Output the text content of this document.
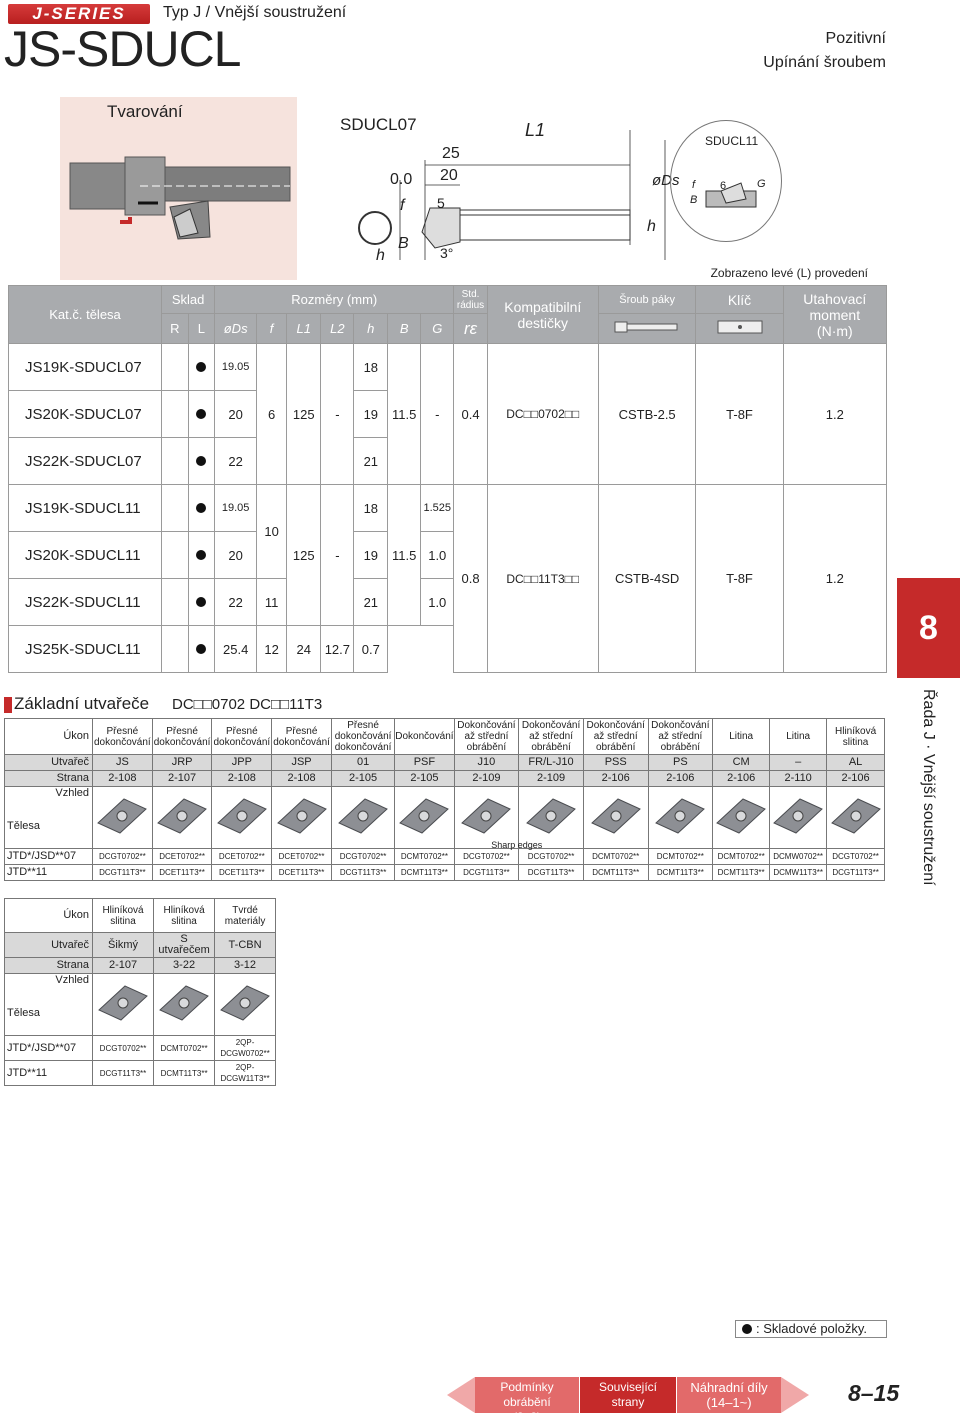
J-SERIES	Typ J / Vnější soustružení
JS-SDUCL	Pozitivní
Upínání šroubem
Tvarování
SDUCL07	L1
25
20
0.0
5
3°
h
B
f
h
øDs
SDUCL11
B
f 6	G
Zobrazeno levé (L) provedení
Kat.č. tělesa	Sklad		Rozměry (mm)							Std. rádius	Kompatibilní destičky	Šroub páky	Klíč	Utahovací moment
(N·m)
	R	L	øDs	f	L1	L2	h	B	G	rε		
JS19K-SDUCL07			19.05	6	125	-	18	11.5	-	0.4	DC□□0702□□	CSTB-2.5	T-8F	1.2
JS20K-SDUCL07			20				19							
JS22K-SDUCL07			22				21							
JS19K-SDUCL11			19.05	10	125	-	18	11.5	1.525	0.8	DC□□11T3□□	CSTB-4SD	T-8F	1.2
JS20K-SDUCL11			20				19		1.0					
JS22K-SDUCL11			22	11			21		1.0					
JS25K-SDUCL11			25.4	12	24	12.7	0.7							
8
Řada J · Vnější soustružení
Základní utvařeče DC□□0702 DC□□11T3
Úkon	Přesné dokončování	Přesné dokončování	Přesné dokončování	Přesné dokončování	Přesné dokončování dokončování	Dokončování	Dokončování až střední obrábění	Dokončování až střední obrábění	Dokončování až střední obrábění	Dokončování až střední obrábění	Litina	Litina	Hliníková slitina
Utvařeč	JS	JRP	JPP	JSP	01	PSF	J10	FR/L-J10	PSS	PS	CM	–	AL
Strana	2-108	2-107	2-108	2-108	2-105	2-105	2-109	2-109	2-106	2-106	2-106	2-110	2-106
Vzhled

Tělesa								Sharp edges

JTD*/JSD**07	DCGT0702**	DCET0702**	DCET0702**	DCET0702**	DCGT0702**	DCMT0702**	DCGT0702**	DCGT0702**	DCMT0702**	DCMT0702**	DCMT0702**	DCMW0702**	DCGT0702**
JTD**11	DCGT11T3**	DCET11T3**	DCET11T3**	DCET11T3**	DCGT11T3**	DCMT11T3**	DCGT11T3**	DCGT11T3**	DCMT11T3**	DCMT11T3**	DCMT11T3**	DCMW11T3**	DCGT11T3**
Úkon	Hliníková slitina	Hliníková slitina	Tvrdé materiály
Utvařeč	Šikmý	S utvařečem	T-CBN
Strana	2-107	3-22	3-12
Vzhled

Tělesa

JTD*/JSD**07	DCGT0702**	DCMT0702**	2QP-DCGW0702**
JTD**11	DCGT11T3**	DCMT11T3**	2QP-DCGW11T3**
: Skladové položky.
Podmínky obrábění
(8–8)
Související
strany
Náhradní díly
(14–1~)	8–15
